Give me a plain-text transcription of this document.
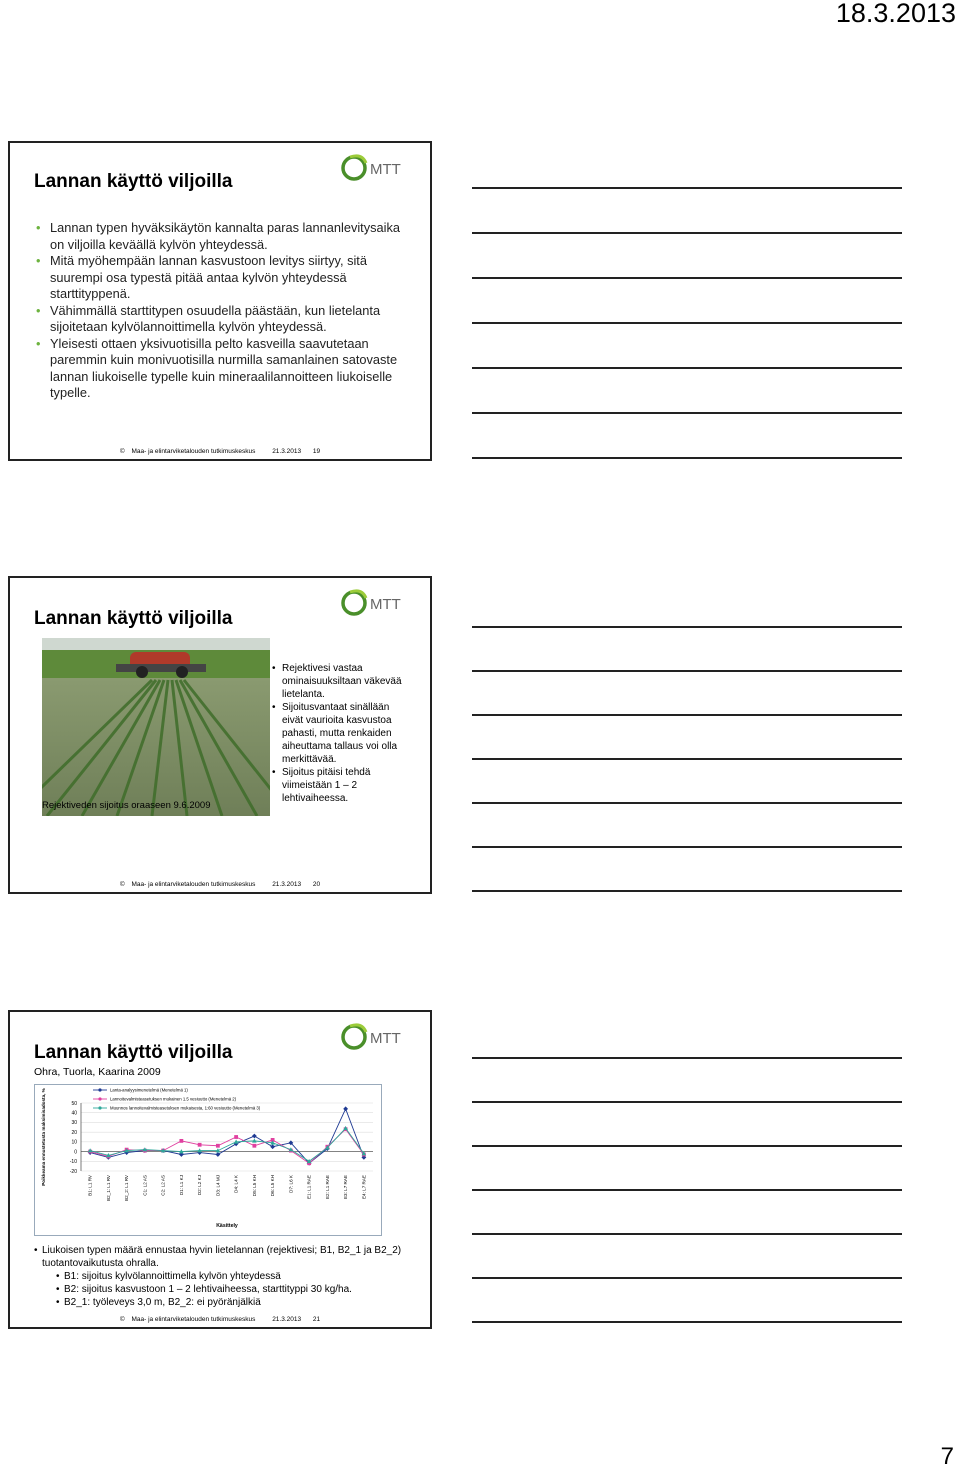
18.3.2013
Lannan käyttö viljoilla
MTT
• Lannan typen hyväksikäytön kannalta paras lannanlevitysaika on viljoilla keväällä kylvön yhteydessä.
• Mitä myöhempään lannan kasvustoon levitys siirtyy, sitä suurempi osa typestä pitää antaa kylvön yhteydessä starttityppenä.
• Vähimmällä starttitypen osuudella päästään, kun lietelanta sijoitetaan kylvölannoittimella kylvön yhteydessä.
• Yleisesti ottaen yksivuotisilla pelto kasveilla saavutetaan paremmin kuin monivuotisilla nurmilla samanlainen satovaste lannan liukoiselle typelle kuin mineraalilannoitteen liukoiselle typelle.
© Maa- ja elintarviketalouden tutkimuskeskus	21.3.2013 19
Lannan käyttö viljoilla
MTT
Rejektiveden sijoitus oraaseen 9.6.2009
• Rejektivesi vastaa ominaisuuksiltaan väkevää lietelanta.
• Sijoitusvantaat sinällään eivät vaurioita kasvustoa pahasti, mutta renkaiden aiheuttama tallaus voi olla merkittävää.
• Sijoitus pitäisi tehdä viimeistään 1 – 2 lehtivaiheessa.
© Maa- ja elintarviketalouden tutkimuskeskus	21.3.2013 20
Lannan käyttö viljoilla
MTT
Ohra, Tuorla, Kaarina 2009
Poikkeama ennustetusta maksimisadosta, %	50
40
30
20
10
0
-10
-20
B1: L1 RV	B2_1: L1 RV	B2_2: L1 RV	C1: L2 AS	C2: L2 AS	D1: L1 KJ	D2: L2 KJ	D3: L4 MJ	D4: L4 K	D5: L5 KH	D6: L5 KH	D7: L6 K	E1: L1 RAE	E2: L1 RAE	E3: L7 RAE	E4: L7 RAE
Käsittely
Lanta-analyysimenetelmä (Menetelmä 1)
Lannoitevalmisteasetuksen mukainen 1.5 vesiuutto (Menetelmä 2)
Muunnos lannoitevalmisteasetuksen mukaisesta, 1:60 vesiuutto (Menetelmä 3)
• Liukoisen typen määrä ennustaa hyvin lietelannan (rejektivesi; B1, B2_1 ja B2_2) tuotantovaikutusta ohralla.
• B1: sijoitus kylvölannoittimella kylvön yhteydessä
• B2: sijoitus kasvustoon 1 – 2 lehtivaiheessa, starttityppi 30 kg/ha.
• B2_1: työleveys 3,0 m, B2_2: ei pyöränjälkiä
© Maa- ja elintarviketalouden tutkimuskeskus	21.3.2013 21
7
